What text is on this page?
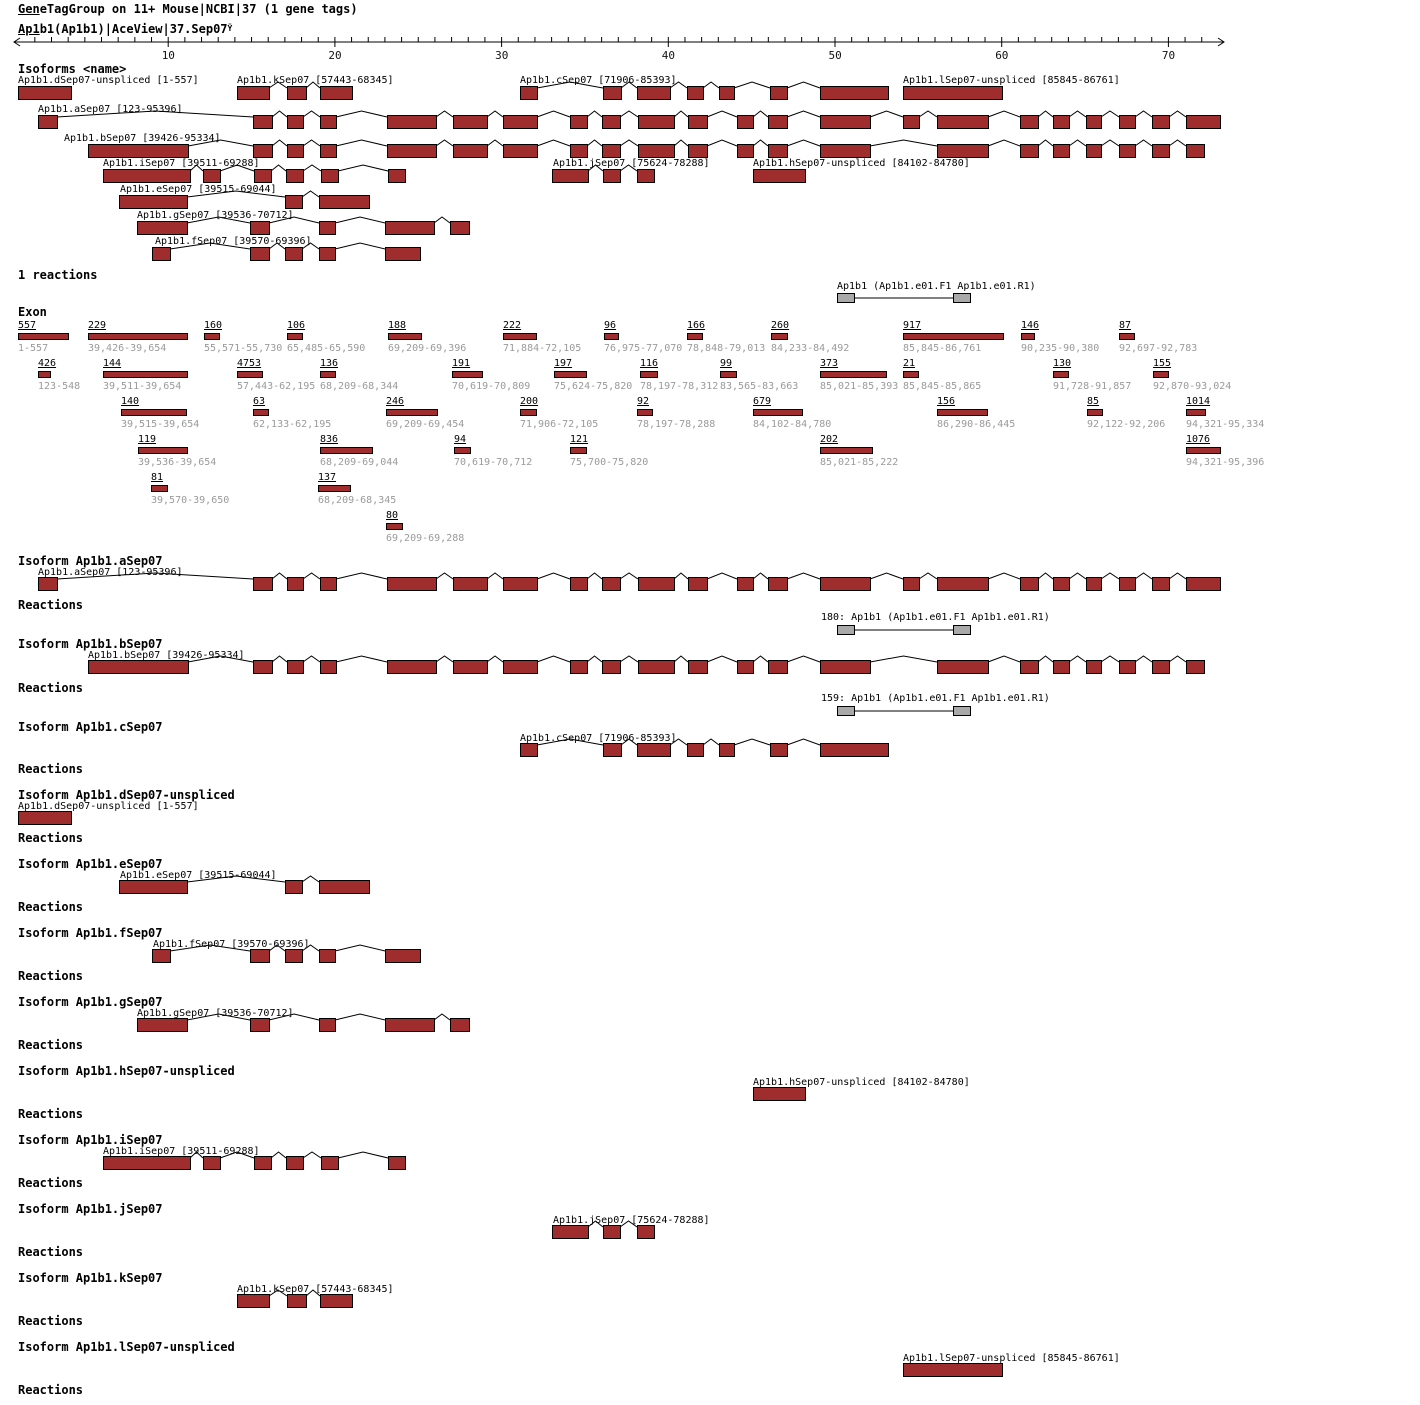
GeneTagGroup on 11+ Mouse|NCBI|37 (1 gene tags)
$Ap1b1(Ap1b1)|AceView|37.Sep07^Ÿ$
Isoforms <name>
1 reactions
Exon
10	20	30	40	50	60	70
Ap1b1.dSep07-unspliced [1-557]	Ap1b1.kSep07 [57443-68345]	Ap1b1.cSep07 [71906-85393]	Ap1b1.lSep07-unspliced [85845-86761]
Ap1b1.aSep07 [123-95396]
Ap1b1.bSep07 [39426-95334]
Ap1b1.iSep07 [39511-69288]	Ap1b1.jSep07 [75624-78288]	Ap1b1.hSep07-unspliced [84102-84780]
Ap1b1.eSep07 [39515-69044]
Ap1b1.gSep07 [39536-70712]
Ap1b1.fSep07 [39570-69396]
Ap1b1 (Ap1b1.e01.F1 Ap1b1.e01.R1)
557
1-557
229
39,426-39,654
160
55,571-55,730
106
65,485-65,590
188
69,209-69,396
222
71,884-72,105
96
76,975-77,070
166
78,848-79,013
260
84,233-84,492
917
85,845-86,761
146
90,235-90,380
87
92,697-92,783
426
123-548
144
39,511-39,654
4753
57,443-62,195
136
68,209-68,344
191
70,619-70,809
197
75,624-75,820
116
78,197-78,312
99
83,565-83,663
373
85,021-85,393
21
85,845-85,865
130
91,728-91,857
155
92,870-93,024
140
39,515-39,654
63
62,133-62,195
246
69,209-69,454
200
71,906-72,105
92
78,197-78,288
679
84,102-84,780
156
86,290-86,445
85
92,122-92,206
1014
94,321-95,334
119
39,536-39,654
836
68,209-69,044
94
70,619-70,712
121
75,700-75,820
202
85,021-85,222
1076
94,321-95,396
81
39,570-39,650
137
68,209-68,345
80
69,209-69,288
Isoform Ap1b1.aSep07
Ap1b1.aSep07 [123-95396]
Reactions
180: Ap1b1 (Ap1b1.e01.F1 Ap1b1.e01.R1)
Isoform Ap1b1.bSep07
Ap1b1.bSep07 [39426-95334]
Reactions
159: Ap1b1 (Ap1b1.e01.F1 Ap1b1.e01.R1)
Isoform Ap1b1.cSep07
Ap1b1.cSep07 [71906-85393]
Reactions
Isoform Ap1b1.dSep07-unspliced
Ap1b1.dSep07-unspliced [1-557]
Reactions
Isoform Ap1b1.eSep07
Ap1b1.eSep07 [39515-69044]
Reactions
Isoform Ap1b1.fSep07
Ap1b1.fSep07 [39570-69396]
Reactions
Isoform Ap1b1.gSep07
Ap1b1.gSep07 [39536-70712]
Reactions
Isoform Ap1b1.hSep07-unspliced
Ap1b1.hSep07-unspliced [84102-84780]
Reactions
Isoform Ap1b1.iSep07
Ap1b1.iSep07 [39511-69288]
Reactions
Isoform Ap1b1.jSep07
Ap1b1.jSep07 [75624-78288]
Reactions
Isoform Ap1b1.kSep07
Ap1b1.kSep07 [57443-68345]
Reactions
Isoform Ap1b1.lSep07-unspliced
Ap1b1.lSep07-unspliced [85845-86761]
Reactions
